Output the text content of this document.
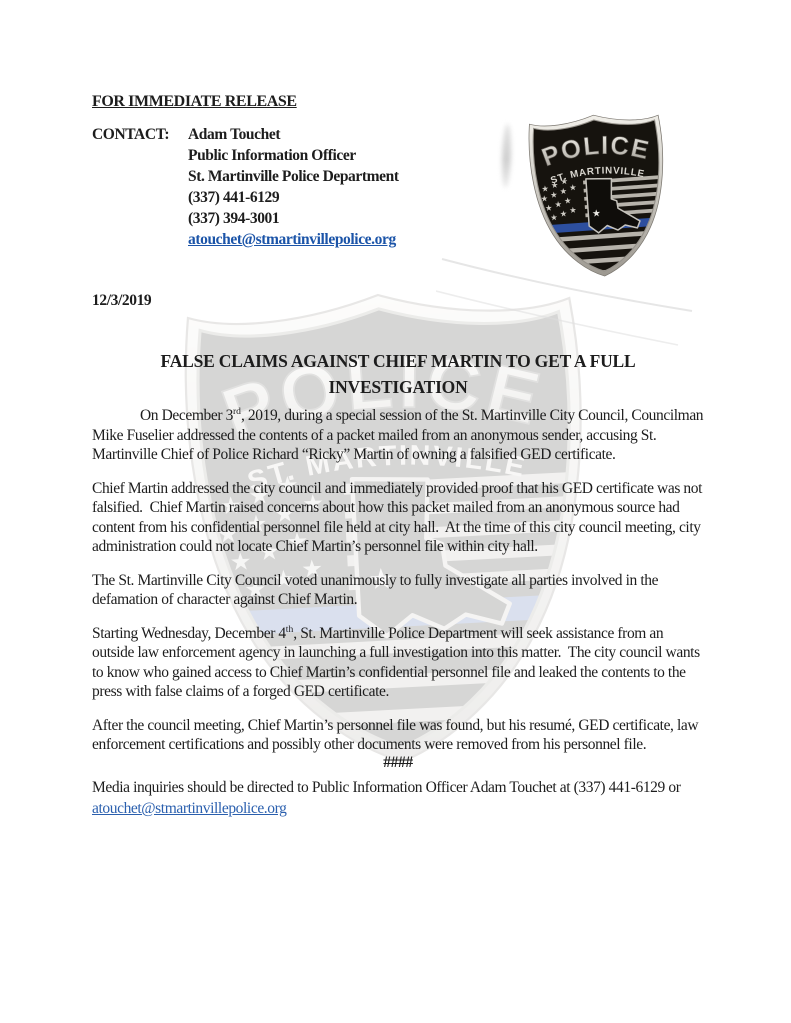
FOR IMMEDIATE RELEASE
CONTACT:	Adam Touchet
Public Information Officer
St. Martinville Police Department
(337) 441-6129
(337) 394-3001
atouchet@stmartinvillepolice.org
12/3/2019
FALSE CLAIMS AGAINST CHIEF MARTIN TO GET A FULL
INVESTIGATION

On December 3rd, 2019, during a special session of the St. Martinville City Council, Councilman Mike Fuselier addressed the contents of a packet mailed from an anonymous sender, accusing St. Martinville Chief of Police Richard “Ricky” Martin of owning a falsified GED certificate.

Chief Martin addressed the city council and immediately provided proof that his GED certificate was not falsified.  Chief Martin raised concerns about how this packet mailed from an anonymous source had content from his confidential personnel file held at city hall.  At the time of this city council meeting, city administration could not locate Chief Martin’s personnel file within city hall.

The St. Martinville City Council voted unanimously to fully investigate all parties involved in the defamation of character against Chief Martin.

Starting Wednesday, December 4th, St. Martinville Police Department will seek assistance from an outside law enforcement agency in launching a full investigation into this matter.  The city council wants to know who gained access to Chief Martin’s confidential personnel file and leaked the contents to the press with false claims of a forged GED certificate.

After the council meeting, Chief Martin’s personnel file was found, but his resumé, GED certificate, law enforcement certifications and possibly other documents were removed from his personnel file.

####

Media inquiries should be directed to Public Information Officer Adam Touchet at (337) 441-6129 or atouchet@stmartinvillepolice.org
